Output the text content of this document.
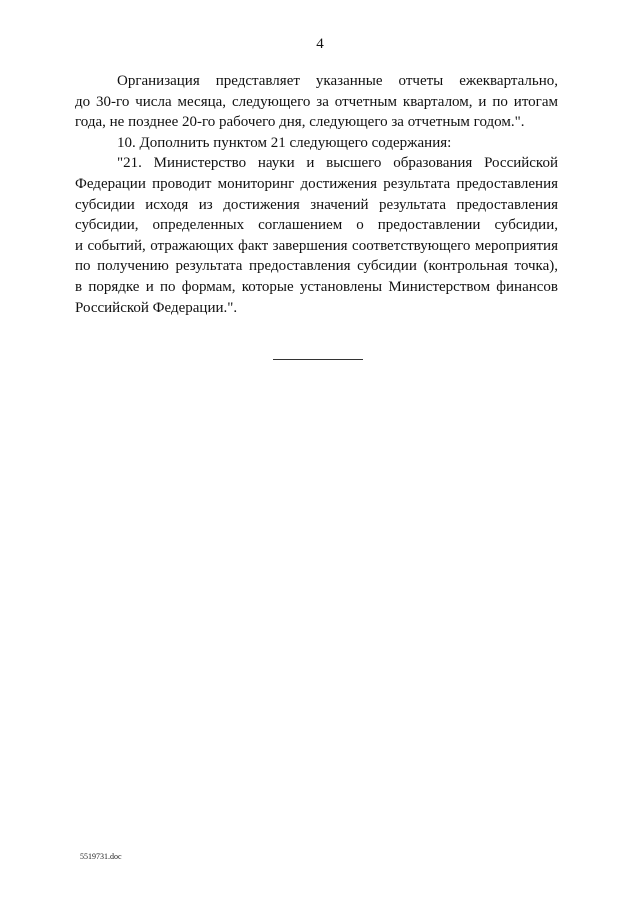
4
Организация представляет указанные отчеты ежеквартально,
до 30-го числа месяца, следующего за отчетным кварталом, и по итогам
года, не позднее 20-го рабочего дня, следующего за отчетным годом.".
10. Дополнить пунктом 21 следующего содержания:
"21. Министерство науки и высшего образования Российской
Федерации проводит мониторинг достижения результата предоставления
субсидии исходя из достижения значений результата предоставления
субсидии, определенных соглашением о предоставлении субсидии,
и событий, отражающих факт завершения соответствующего мероприятия
по получению результата предоставления субсидии (контрольная точка),
в порядке и по формам, которые установлены Министерством финансов
Российской Федерации.".
5519731.doc
